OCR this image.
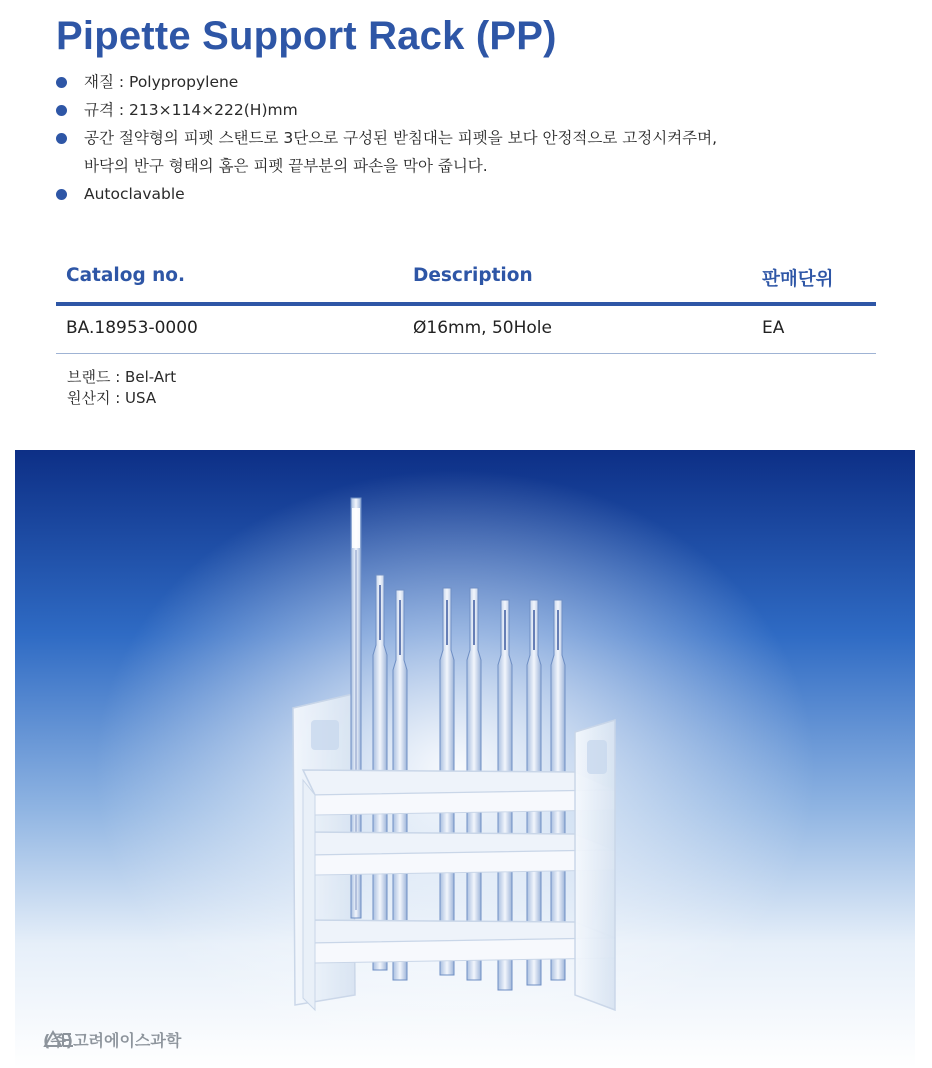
Pipette Support Rack (PP)
재질 : Polypropylene
규격 : 213×114×222(H)mm
공간 절약형의 피펫 스탠드로 3단으로 구성된 받침대는 피펫을 보다 안정적으로 고정시켜주며,
바닥의 반구 형태의 홈은 피펫 끝부분의 파손을 막아 줍니다.
Autoclavable
Catalog no.	Description	판매단위
BA.18953-0000	Ø16mm, 50Hole	EA
브랜드 : Bel-Art
원산지 : USA
(주)고려에이스과학
